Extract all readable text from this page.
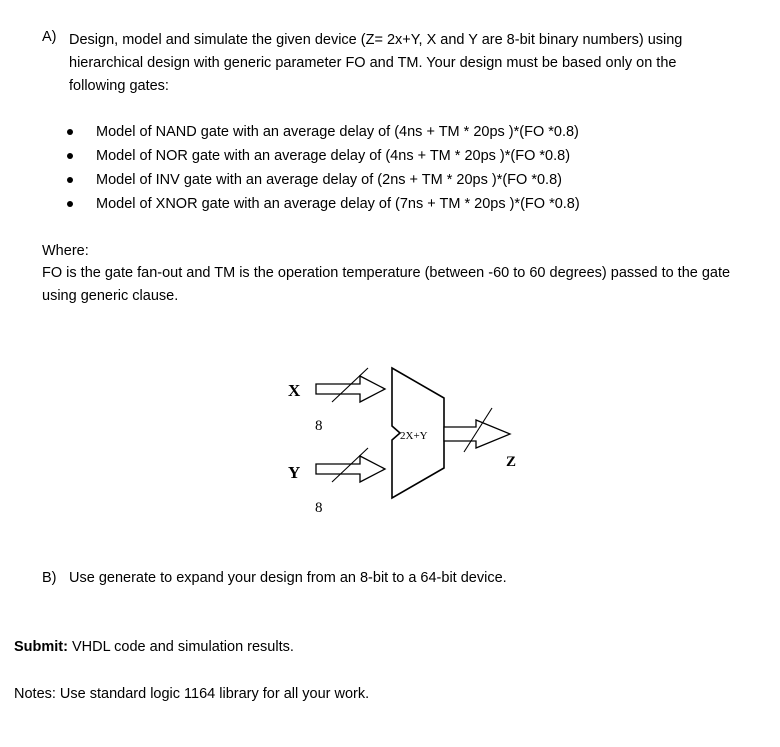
A) Design, model and simulate the given device (Z= 2x+Y, X and Y are 8-bit binary numbers) using hierarchical design with generic parameter FO and TM. Your design must be based only on the following gates:
Model of NAND gate with an average delay of (4ns + TM * 20ps )*(FO *0.8)
Model of NOR gate with an average delay of (4ns + TM * 20ps )*(FO *0.8)
Model of INV gate with an average delay of (2ns + TM * 20ps )*(FO *0.8)
Model of XNOR gate with an average delay of (7ns + TM * 20ps )*(FO *0.8)
Where:
FO is the gate fan-out and TM is the operation temperature (between -60 to 60 degrees) passed to the gate using generic clause.
X
8
Y
8
2X+Y
Z
B) Use generate to expand your design from an 8-bit to a 64-bit device.
Submit: VHDL code and simulation results.
Notes: Use standard logic 1164 library for all your work.
